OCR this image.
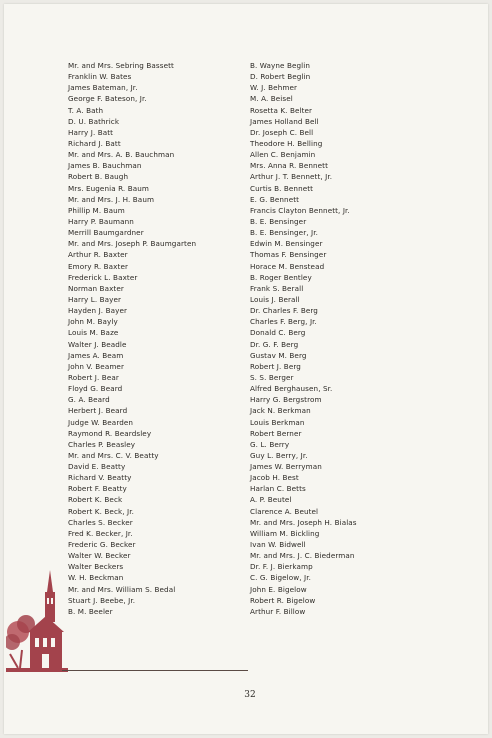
Mr. and Mrs. Sebring Bassett
Franklin W. Bates
James Bateman, Jr.
George F. Bateson, Jr.
T. A. Bath
D. U. Bathrick
Harry J. Batt
Richard J. Batt
Mr. and Mrs. A. B. Bauchman
James B. Bauchman
Robert B. Baugh
Mrs. Eugenia R. Baum
Mr. and Mrs. J. H. Baum
Phillip M. Baum
Harry P. Baumann
Merrill Baumgardner
Mr. and Mrs. Joseph P. Baumgarten
Arthur R. Baxter
Emory R. Baxter
Frederick L. Baxter
Norman Baxter
Harry L. Bayer
Hayden J. Bayer
John M. Bayly
Louis M. Baze
Walter J. Beadle
James A. Beam
John V. Beamer
Robert J. Bear
Floyd G. Beard
G. A. Beard
Herbert J. Beard
Judge W. Bearden
Raymond R. Beardsley
Charles P. Beasley
Mr. and Mrs. C. V. Beatty
David E. Beatty
Richard V. Beatty
Robert F. Beatty
Robert K. Beck
Robert K. Beck, Jr.
Charles S. Becker
Fred K. Becker, Jr.
Frederic G. Becker
Walter W. Becker
Walter Beckers
W. H. Beckman
Mr. and Mrs. William S. Bedal
Stuart J. Beebe, Jr.
B. M. Beeler
B. Wayne Beglin
D. Robert Beglin
W. J. Behmer
M. A. Beisel
Rosetta K. Belter
James Holland Bell
Dr. Joseph C. Bell
Theodore H. Belling
Allen C. Benjamin
Mrs. Anna R. Bennett
Arthur J. T. Bennett, Jr.
Curtis B. Bennett
E. G. Bennett
Francis Clayton Bennett, Jr.
B. E. Bensinger
B. E. Bensinger, Jr.
Edwin M. Bensinger
Thomas F. Bensinger
Horace M. Benstead
B. Roger Bentley
Frank S. Berall
Louis J. Berall
Dr. Charles F. Berg
Charles F. Berg, Jr.
Donald C. Berg
Dr. G. F. Berg
Gustav M. Berg
Robert J. Berg
S. S. Berger
Alfred Berghausen, Sr.
Harry G. Bergstrom
Jack N. Berkman
Louis Berkman
Robert Berner
G. L. Berry
Guy L. Berry, Jr.
James W. Berryman
Jacob H. Best
Harlan C. Betts
A. P. Beutel
Clarence A. Beutel
Mr. and Mrs. Joseph H. Bialas
William M. Bickling
Ivan W. Bidwell
Mr. and Mrs. J. C. Biederman
Dr. F. J. Bierkamp
C. G. Bigelow, Jr.
John E. Bigelow
Robert R. Bigelow
Arthur F. Billow
32
